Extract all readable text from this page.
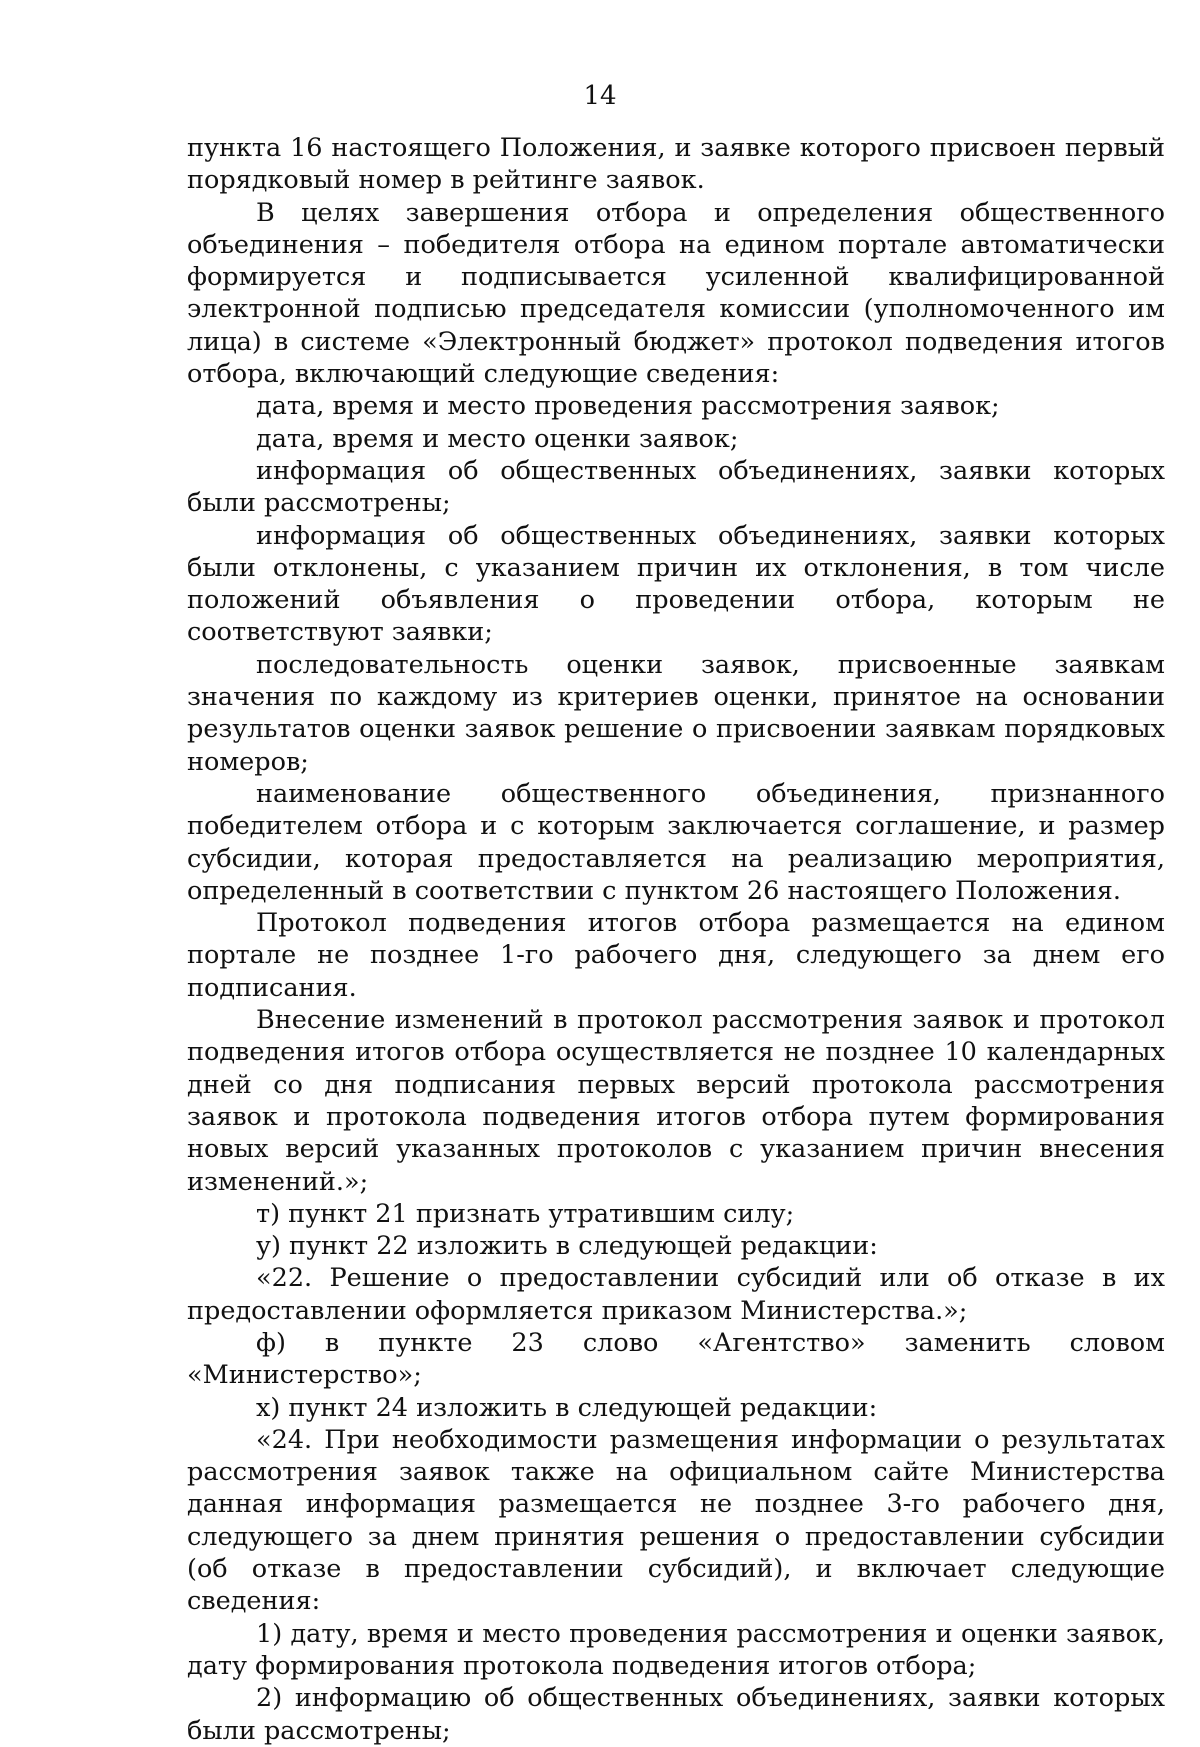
14

пункта 16 настоящего Положения, и заявке которого присвоен первый порядковый номер в рейтинге заявок.

В целях завершения отбора и определения общественного объединения – победителя отбора на едином портале автоматически формируется и подписывается усиленной квалифицированной электронной подписью председателя комиссии (уполномоченного им лица) в системе «Электронный бюджет» протокол подведения итогов отбора, включающий следующие сведения:

дата, время и место проведения рассмотрения заявок;

дата, время и место оценки заявок;

информация об общественных объединениях, заявки которых были рассмотрены;

информация об общественных объединениях, заявки которых были отклонены, с указанием причин их отклонения, в том числе положений объявления о проведении отбора, которым не соответствуют заявки;

последовательность оценки заявок, присвоенные заявкам значения по каждому из критериев оценки, принятое на основании результатов оценки заявок решение о присвоении заявкам порядковых номеров;

наименование общественного объединения, признанного победителем отбора и с которым заключается соглашение, и размер субсидии, которая предоставляется на реализацию мероприятия, определенный в соответствии с пунктом 26 настоящего Положения.

Протокол подведения итогов отбора размещается на едином портале не позднее 1-го рабочего дня, следующего за днем его подписания.

Внесение изменений в протокол рассмотрения заявок и протокол подведения итогов отбора осуществляется не позднее 10 календарных дней со дня подписания первых версий протокола рассмотрения заявок и протокола подведения итогов отбора путем формирования новых версий указанных протоколов с указанием причин внесения изменений.»;

т) пункт 21 признать утратившим силу;

у) пункт 22 изложить в следующей редакции:

«22. Решение о предоставлении субсидий или об отказе в их предоставлении оформляется приказом Министерства.»;

ф) в пункте 23 слово «Агентство» заменить словом «Министерство»;

х) пункт 24 изложить в следующей редакции:

«24. При необходимости размещения информации о результатах рассмотрения заявок также на официальном сайте Министерства данная информация размещается не позднее 3-го рабочего дня, следующего за днем принятия решения о предоставлении субсидии (об отказе в предоставлении субсидий), и включает следующие сведения:

1) дату, время и место проведения рассмотрения и оценки заявок, дату формирования протокола подведения итогов отбора;

2) информацию об общественных объединениях, заявки которых были рассмотрены;
